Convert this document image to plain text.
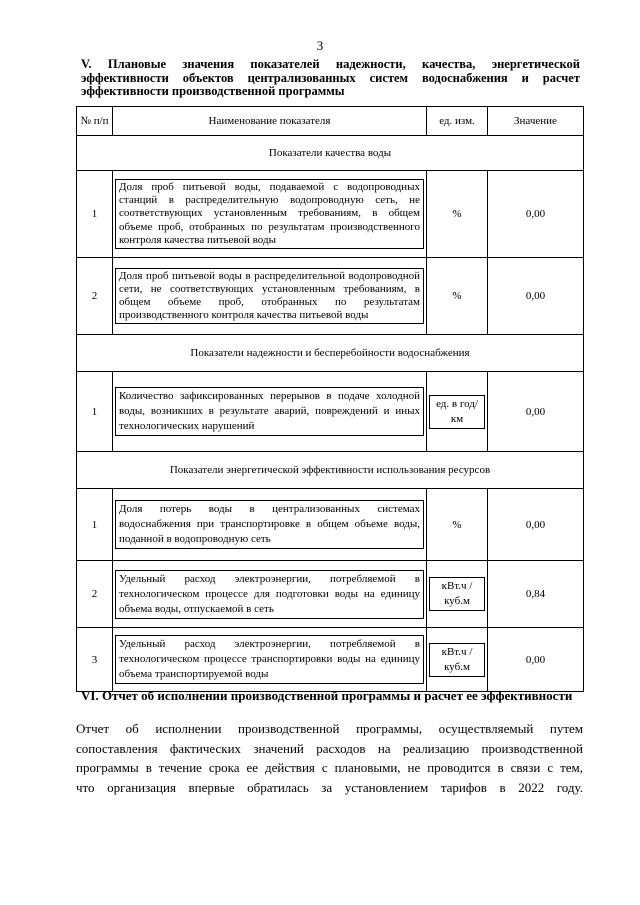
3
V. Плановые значения показателей надежности, качества, энергетической эффективности объектов централизованных систем водоснабжения и расчет эффективности производственной программы
№ п/п	Наименование показателя	ед. изм.	Значение
Показатели качества воды			
1	Доля проб питьевой воды, подаваемой с водопроводных станций в распределительную водопроводную сеть, не соответствующих установленным требованиям, в общем объеме проб, отобранных по результатам производственного контроля качества питьевой воды	%	0,00
2	Доля проб питьевой воды в распределительной водопроводной сети, не соответствующих установленным требованиям, в общем объеме проб, отобранных по результатам производственного контроля качества питьевой воды	%	0,00
Показатели надежности и бесперебойности водоснабжения			
1	Количество зафиксированных перерывов в подаче холодной воды, возникших в результате аварий, повреждений и иных технологических нарушений	ед. в год/ км	0,00
Показатели энергетической эффективности использования ресурсов			
1	Доля потерь воды в централизованных системах водоснабжения при транспортировке в общем объеме воды, поданной в водопроводную сеть	%	0,00
2	Удельный расход электроэнергии, потребляемой в технологическом процессе для подготовки воды на единицу объема воды, отпускаемой в сеть	кВт.ч / куб.м	0,84
3	Удельный расход электроэнергии, потребляемой в технологическом процессе транспортировки воды на единицу объема транспортируемой воды	кВт.ч / куб.м	0,00
VI. Отчет об исполнении производственной программы и расчет ее эффективности
Отчет об исполнении производственной программы, осуществляемый путем
сопоставления фактических значений расходов на реализацию производственной
программы в течение срока ее действия с плановыми, не проводится в связи с тем,
что организация впервые обратилась за установлением тарифов в 2022 году.
